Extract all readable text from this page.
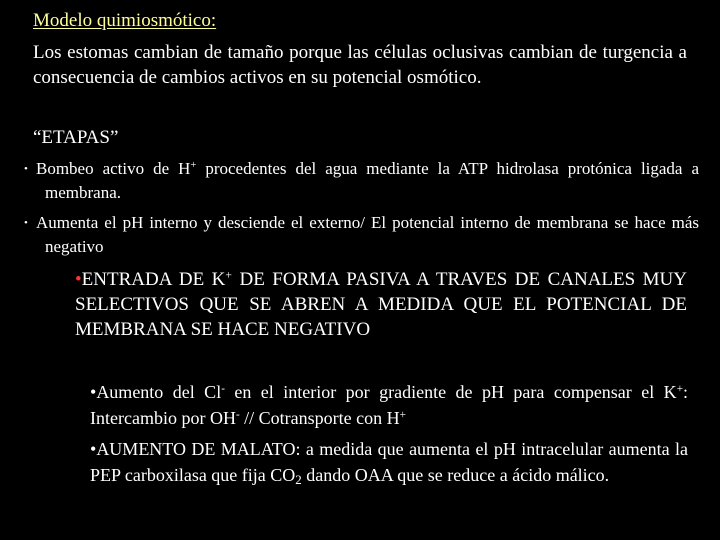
Modelo quimiosmótico:
Los estomas cambian de tamaño porque las células oclusivas cambian de turgencia a consecuencia de cambios activos en su potencial osmótico.
“ETAPAS”
• Bombeo activo de H+ procedentes del agua mediante la ATP hidrolasa protónica ligada a membrana.
• Aumenta el pH interno y desciende el externo/ El potencial interno de membrana se hace más negativo
•ENTRADA DE K+ DE FORMA PASIVA A TRAVES DE CANALES MUY SELECTIVOS QUE SE ABREN A MEDIDA QUE EL POTENCIAL DE MEMBRANA SE HACE NEGATIVO
•Aumento del Cl- en el interior por gradiente de pH para compensar el K+: Intercambio por OH- // Cotransporte con H+
•AUMENTO DE MALATO: a medida que aumenta el pH intracelular aumenta la PEP carboxilasa que fija $CO_2$ dando OAA que se reduce a ácido málico.
